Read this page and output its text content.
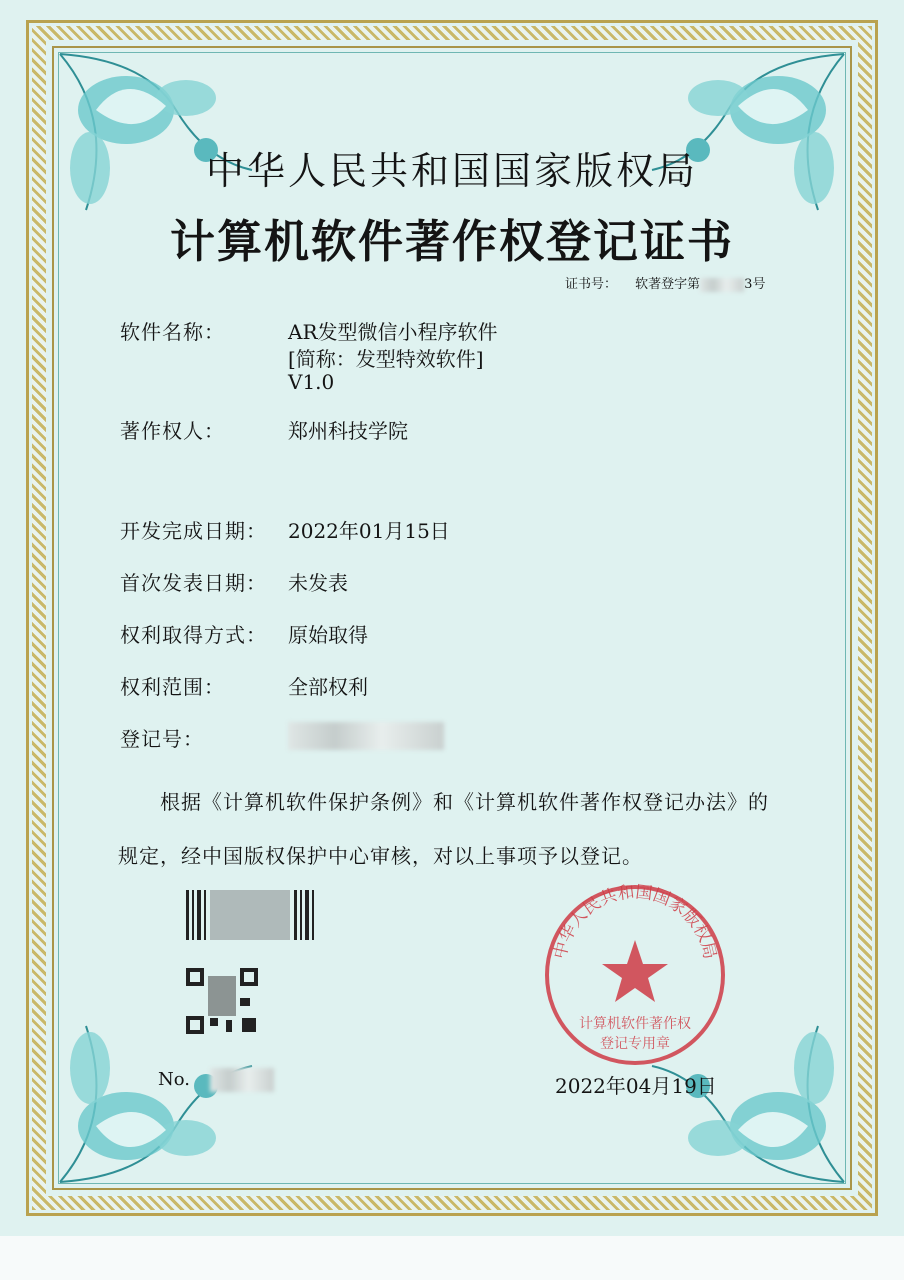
中华人民共和国国家版权局
计算机软件著作权登记证书
证书号： 软著登字第	3号
软件名称：	AR发型微信小程序软件
[简称：发型特效软件]
V1.0
著作权人：	郑州科技学院
开发完成日期： 2022年01月15日
首次发表日期： 未发表
权利取得方式： 原始取得
权利范围：	全部权利
登记号：
根据《计算机软件保护条例》和《计算机软件著作权登记办法》的
规定，经中国版权保护中心审核，对以上事项予以登记。
No.
中华人民共和国国家版权局
计算机软件著作权
登记专用章
2022年04月19日
